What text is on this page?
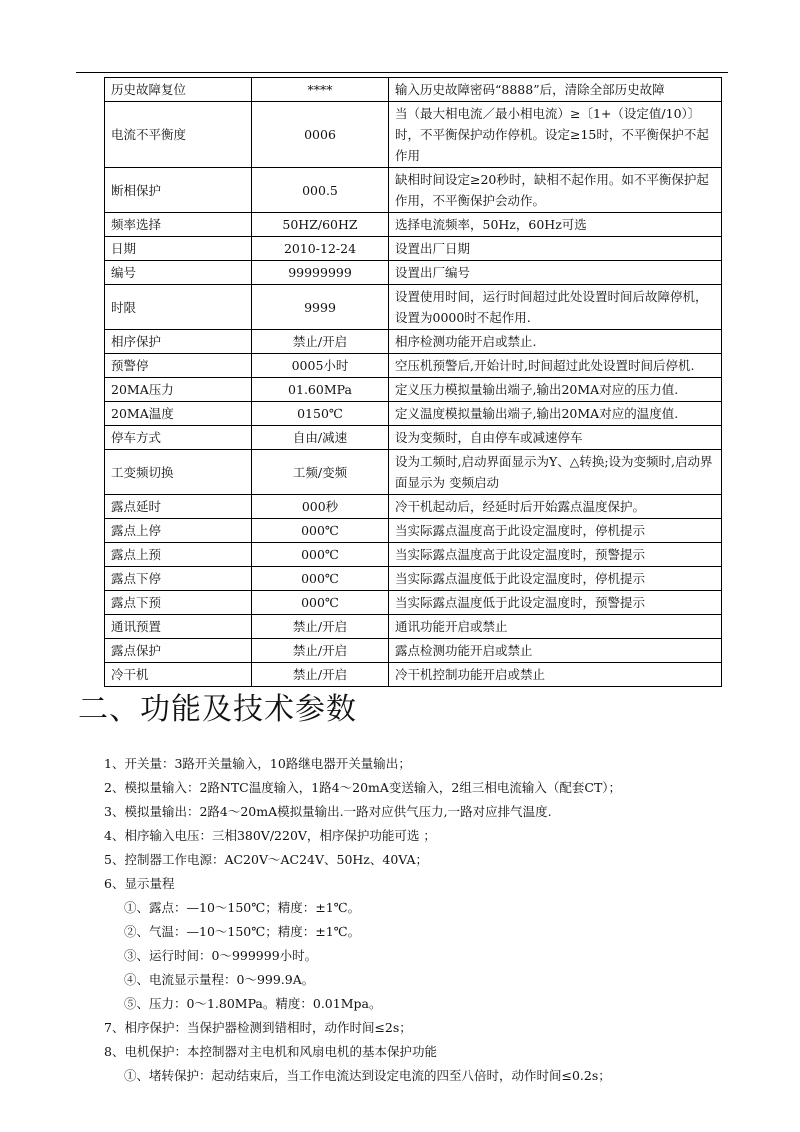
历史故障复位	****	输入历史故障密码“8888”后，清除全部历史故障
电流不平衡度	0006	当（最大相电流／最小相电流）≥〔1+（设定值/10）〕时，不平衡保护动作停机。设定≥15时，不平衡保护不起作用
断相保护	000.5	缺相时间设定≥20秒时，缺相不起作用。如不平衡保护起作用，不平衡保护会动作。
频率选择	50HZ/60HZ	选择电流频率，50Hz，60Hz可选
日期	2010-12-24	设置出厂日期
编号	99999999	设置出厂编号
时限	9999	设置使用时间，运行时间超过此处设置时间后故障停机，设置为0000时不起作用.
相序保护	禁止/开启	相序检测功能开启或禁止.
预警停	0005小时	空压机预警后,开始计时,时间超过此处设置时间后停机.
20MA压力	01.60MPa	定义压力模拟量输出端子,输出20MA对应的压力值.
20MA温度	0150℃	定义温度模拟量输出端子,输出20MA对应的温度值.
停车方式	自由/减速	设为变频时，自由停车或减速停车
工变频切换	工频/变频	设为工频时,启动界面显示为Y、△转换;设为变频时,启动界面显示为 变频启动
露点延时	000秒	冷干机起动后，经延时后开始露点温度保护。
露点上停	000℃	当实际露点温度高于此设定温度时，停机提示
露点上预	000℃	当实际露点温度高于此设定温度时，预警提示
露点下停	000℃	当实际露点温度低于此设定温度时，停机提示
露点下预	000℃	当实际露点温度低于此设定温度时，预警提示
通讯预置	禁止/开启	通讯功能开启或禁止
露点保护	禁止/开启	露点检测功能开启或禁止
冷干机	禁止/开启	冷干机控制功能开启或禁止
二、功能及技术参数
1、开关量：3路开关量输入，10路继电器开关量输出；
2、模拟量输入：2路NTC温度输入，1路4～20mA变送输入，2组三相电流输入（配套CT）；
3、模拟量输出：2路4～20mA模拟量输出.一路对应供气压力,一路对应排气温度.
4、相序输入电压：三相380V/220V，相序保护功能可选 ；
5、控制器工作电源：AC20V～AC24V、50Hz、40VA；
6、显示量程
①、露点：—10～150℃；精度：±1℃。
②、气温：—10～150℃；精度：±1℃。
③、运行时间：0～999999小时。
④、电流显示量程：0～999.9A。
⑤、压力：0～1.80MPa。精度：0.01Mpa。
7、相序保护：当保护器检测到错相时，动作时间≤2s；
8、电机保护：本控制器对主电机和风扇电机的基本保护功能
①、堵转保护：起动结束后，当工作电流达到设定电流的四至八倍时，动作时间≤0.2s；
